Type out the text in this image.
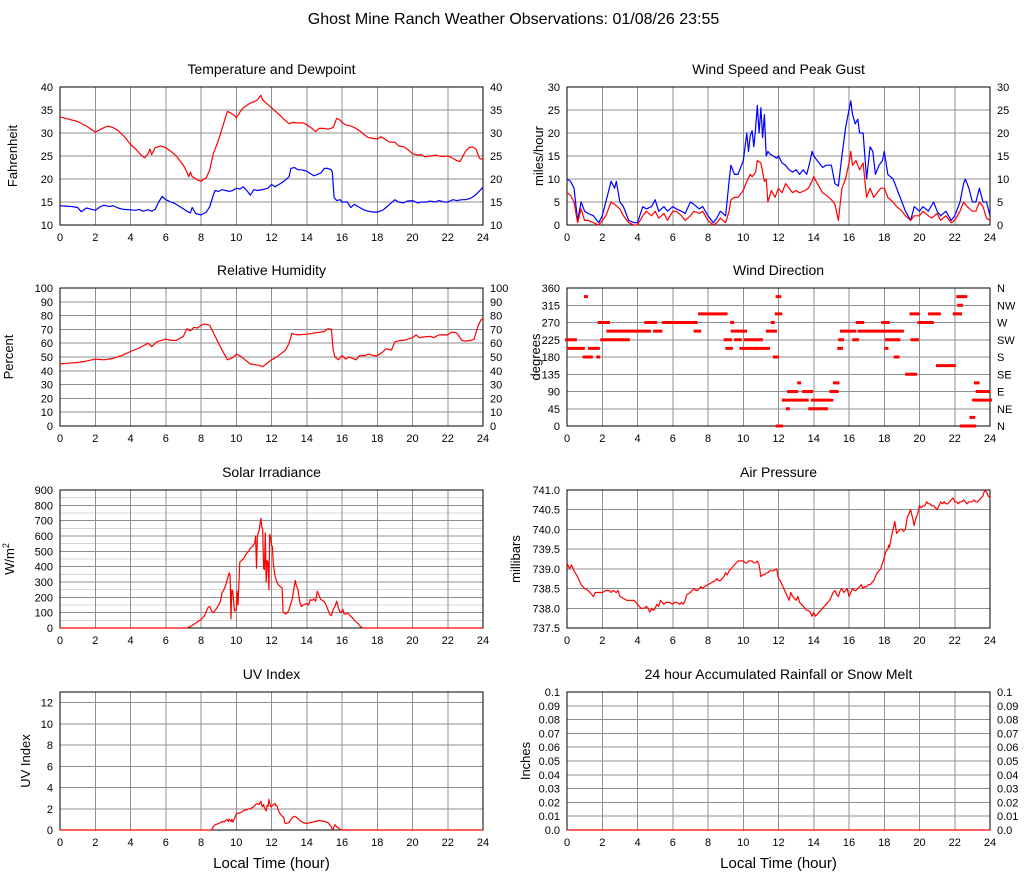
Ghost Mine Ranch Weather Observations: 01/08/26 23:55
Temperature and Dewpoint
10
15
20
25
30
35
40
10
15
20
25
30
35
40
0	2	4	6	8 10 12 14 16 18 20 22 24
Fahrenheit
Wind Speed and Peak Gust
0
5
10
15
20
25
30
0
5
10
15
20
25
30
0	2	4	6	8 10 12 14 16 18 20 22 24
miles/hour
Relative Humidity
0
10
20
30
40
50
60
70
80
90
100
0
10
20
30
40
50
60
70
80
90
100
0	2	4	6	8 10 12 14 16 18 20 22 24
Percent
Wind Direction
0
45
90
135
180
225
270
315
360
N
NE
E
SE
S
SW
W
NW
N
0	2	4	6	8 10 12 14 16 18 20 22 24
degrees
Solar Irradiance
0
100
200
300
400
500
600
700
800
900
0	2	4	6	8 10 12 14 16 18 20 22 24
$W/m^2$
Air Pressure
737.5
738.0
738.5
739.0
739.5
740.0
740.5
741.0
0	2	4	6	8 10 12 14 16 18 20 22 24
millibars
UV Index
0
2
4
6
8
10
12
0	2	4	6	8 10 12 14 16 18 20 22 24
UV Index
Local Time (hour)
24 hour Accumulated Rainfall or Snow Melt
0.0
0.01
0.02
0.03
0.04
0.05
0.06
0.07
0.08
0.09
0.1
0.0
0.01
0.02
0.03
0.04
0.05
0.06
0.07
0.08
0.09
0.1
0	2	4	6	8 10 12 14 16 18 20 22 24
Inches
Local Time (hour)
